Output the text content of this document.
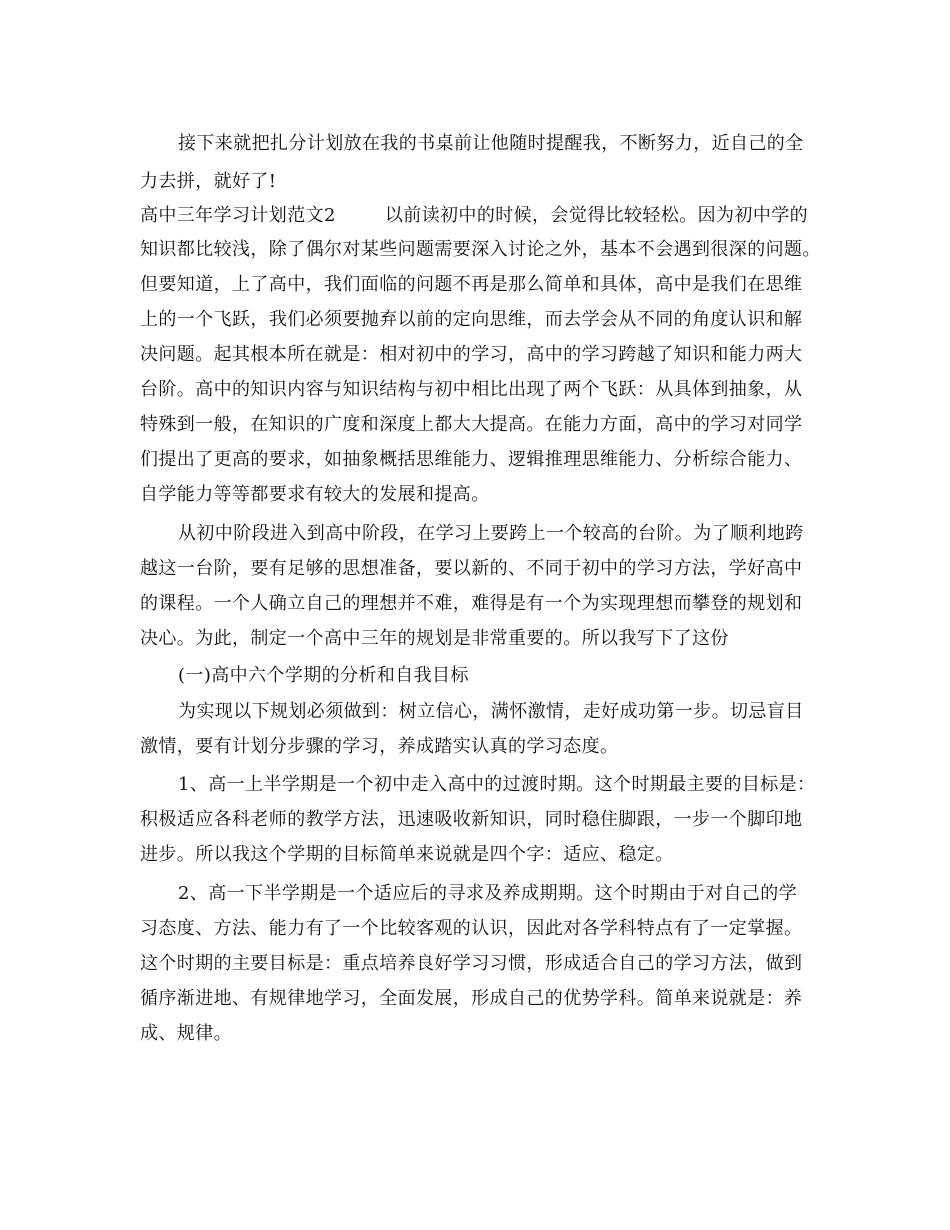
接下来就把扎分计划放在我的书桌前让他随时提醒我，不断努力，近自己的全
力去拼，就好了!
高中三年学习计划范文2        以前读初中的时候，会觉得比较轻松。因为初中学的
知识都比较浅，除了偶尔对某些问题需要深入讨论之外，基本不会遇到很深的问题。
但要知道，上了高中，我们面临的问题不再是那么简单和具体，高中是我们在思维
上的一个飞跃，我们必须要抛弃以前的定向思维，而去学会从不同的角度认识和解
决问题。起其根本所在就是：相对初中的学习，高中的学习跨越了知识和能力两大
台阶。高中的知识内容与知识结构与初中相比出现了两个飞跃：从具体到抽象，从
特殊到一般，在知识的广度和深度上都大大提高。在能力方面，高中的学习对同学
们提出了更高的要求，如抽象概括思维能力、逻辑推理思维能力、分析综合能力、
自学能力等等都要求有较大的发展和提高。
从初中阶段进入到高中阶段，在学习上要跨上一个较高的台阶。为了顺利地跨
越这一台阶，要有足够的思想准备，要以新的、不同于初中的学习方法，学好高中
的课程。一个人确立自己的理想并不难，难得是有一个为实现理想而攀登的规划和
决心。为此，制定一个高中三年的规划是非常重要的。所以我写下了这份
(一)高中六个学期的分析和自我目标
为实现以下规划必须做到：树立信心，满怀激情，走好成功第一步。切忌盲目
激情，要有计划分步骤的学习，养成踏实认真的学习态度。
1、高一上半学期是一个初中走入高中的过渡时期。这个时期最主要的目标是：
积极适应各科老师的教学方法，迅速吸收新知识，同时稳住脚跟，一步一个脚印地
进步。所以我这个学期的目标简单来说就是四个字：适应、稳定。
2、高一下半学期是一个适应后的寻求及养成期期。这个时期由于对自己的学
习态度、方法、能力有了一个比较客观的认识，因此对各学科特点有了一定掌握。
这个时期的主要目标是：重点培养良好学习习惯，形成适合自己的学习方法，做到
循序渐进地、有规律地学习，全面发展，形成自己的优势学科。简单来说就是：养
成、规律。
